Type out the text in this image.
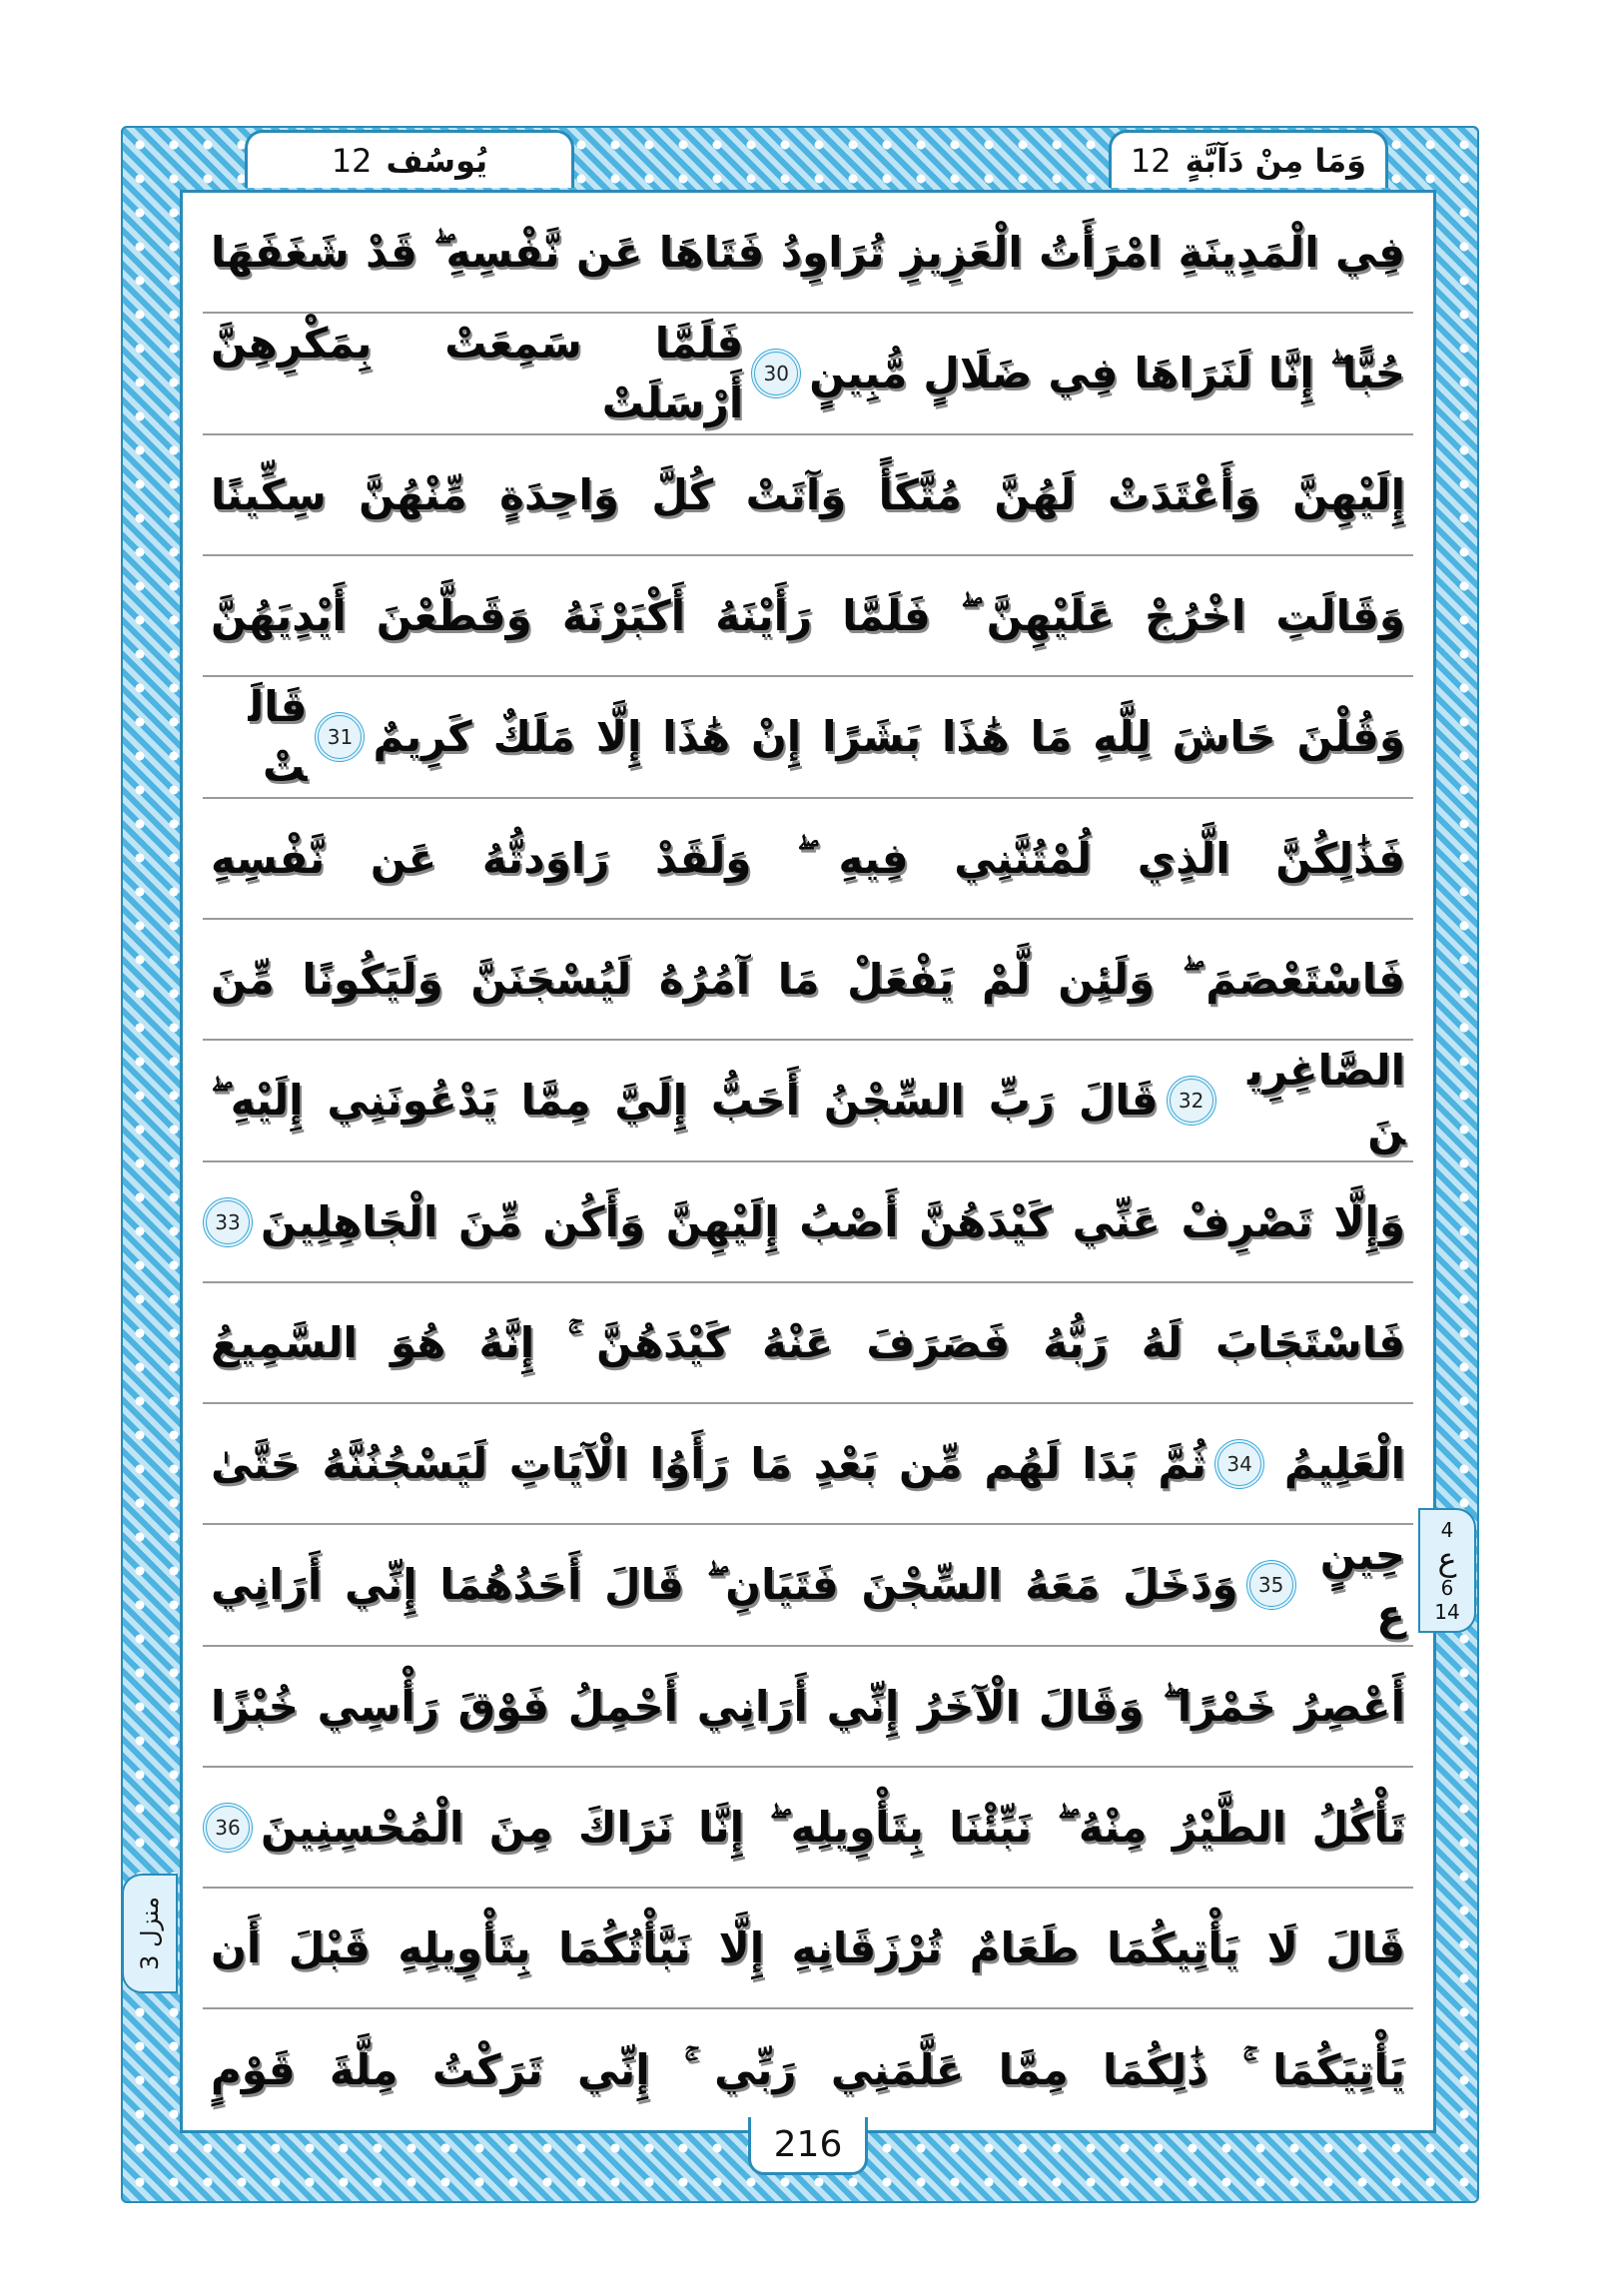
12 يُوسُف	12 وَمَا مِنْ دَآبَّةٍ
فِي الْمَدِينَةِ امْرَأَتُ الْعَزِيزِ تُرَاوِدُ فَتَاهَا عَن نَّفْسِهِ ۖ قَدْ شَغَفَهَا
حُبًّا ۖ إِنَّا لَنَرَاهَا فِي ضَلَالٍ مُّبِينٍ
30
فَلَمَّا سَمِعَتْ بِمَكْرِهِنَّ أَرْسَلَتْ
إِلَيْهِنَّ وَأَعْتَدَتْ لَهُنَّ مُتَّكَأً وَآتَتْ كُلَّ وَاحِدَةٍ مِّنْهُنَّ سِكِّينًا
وَقَالَتِ اخْرُجْ عَلَيْهِنَّ ۖ فَلَمَّا رَأَيْنَهُ أَكْبَرْنَهُ وَقَطَّعْنَ أَيْدِيَهُنَّ
وَقُلْنَ حَاشَ لِلَّهِ مَا هَٰذَا بَشَرًا إِنْ هَٰذَا إِلَّا مَلَكٌ كَرِيمٌ
31
قَالَتْ
فَذَٰلِكُنَّ الَّذِي لُمْتُنَّنِي فِيهِ ۖ وَلَقَدْ رَاوَدتُّهُ عَن نَّفْسِهِ
فَاسْتَعْصَمَ ۖ وَلَئِن لَّمْ يَفْعَلْ مَا آمُرُهُ لَيُسْجَنَنَّ وَلَيَكُونًا مِّنَ
الصَّاغِرِينَ
32
قَالَ رَبِّ السِّجْنُ أَحَبُّ إِلَيَّ مِمَّا يَدْعُونَنِي إِلَيْهِ ۖ
وَإِلَّا تَصْرِفْ عَنِّي كَيْدَهُنَّ أَصْبُ إِلَيْهِنَّ وَأَكُن مِّنَ الْجَاهِلِينَ
33
فَاسْتَجَابَ لَهُ رَبُّهُ فَصَرَفَ عَنْهُ كَيْدَهُنَّ ۚ إِنَّهُ هُوَ السَّمِيعُ
الْعَلِيمُ
34
ثُمَّ بَدَا لَهُم مِّن بَعْدِ مَا رَأَوُا الْآيَاتِ لَيَسْجُنُنَّهُ حَتَّىٰ
حِينٍ ع
35
وَدَخَلَ مَعَهُ السِّجْنَ فَتَيَانِ ۖ قَالَ أَحَدُهُمَا إِنِّي أَرَانِي
أَعْصِرُ خَمْرًا ۖ وَقَالَ الْآخَرُ إِنِّي أَرَانِي أَحْمِلُ فَوْقَ رَأْسِي خُبْزًا
تَأْكُلُ الطَّيْرُ مِنْهُ ۖ نَبِّئْنَا بِتَأْوِيلِهِ ۖ إِنَّا نَرَاكَ مِنَ الْمُحْسِنِينَ
36
قَالَ لَا يَأْتِيكُمَا طَعَامٌ تُرْزَقَانِهِ إِلَّا نَبَّأْتُكُمَا بِتَأْوِيلِهِ قَبْلَ أَن
يَأْتِيَكُمَا ۚ ذَٰلِكُمَا مِمَّا عَلَّمَنِي رَبِّي ۚ إِنِّي تَرَكْتُ مِلَّةَ قَوْمٍ
216
4
ع
6
14
منزل 3
